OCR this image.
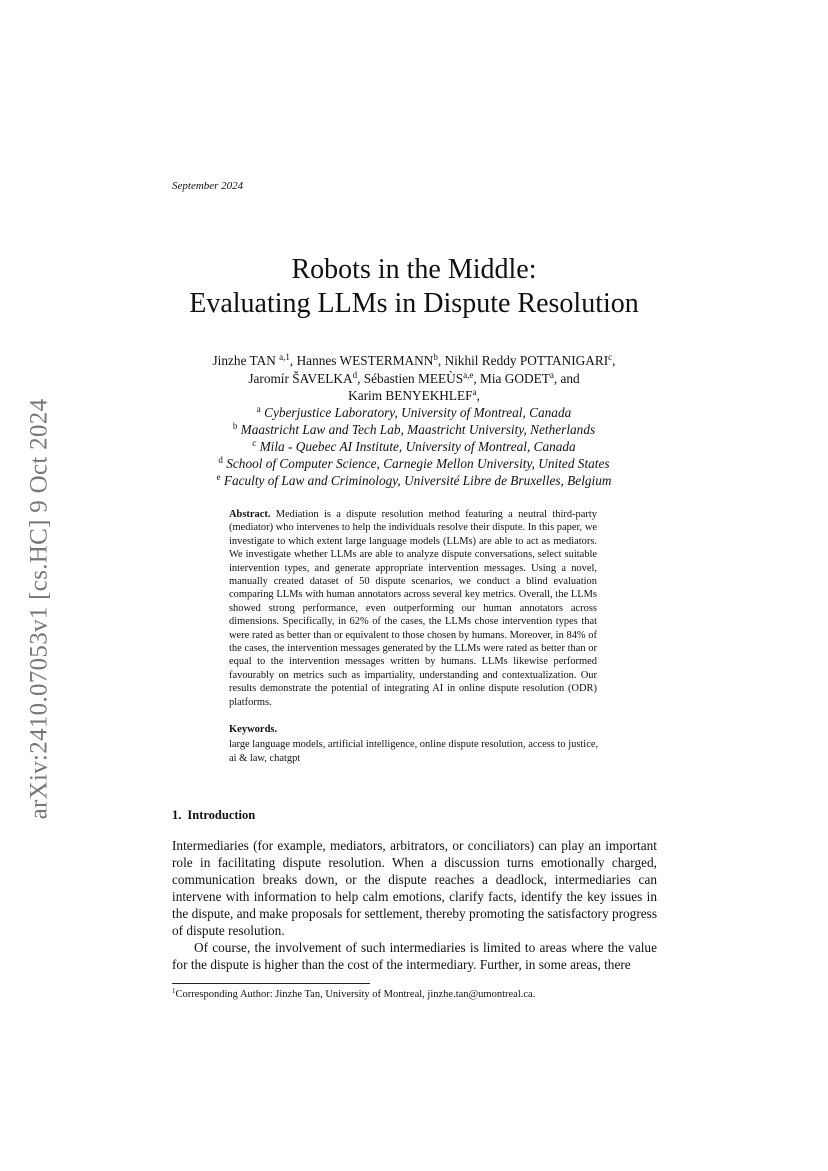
arXiv:2410.07053v1 [cs.HC] 9 Oct 2024
September 2024
Robots in the Middle:
Evaluating LLMs in Dispute Resolution
Jinzhe TAN $^{a,1}$, Hannes WESTERMANN$^b$, Nikhil Reddy POTTANIGARI$^c$,
Jaromír ŠAVELKA$^d$, Sébastien MEEÙS$^{a,e}$, Mia GODET$^a$, and
Karim BENYEKHLEF$^a$,
$^a$ Cyberjustice Laboratory, University of Montreal, Canada
$^b$ Maastricht Law and Tech Lab, Maastricht University, Netherlands
$^c$ Mila - Quebec AI Institute, University of Montreal, Canada
$^d$ School of Computer Science, Carnegie Mellon University, United States
$^e$ Faculty of Law and Criminology, Université Libre de Bruxelles, Belgium
Abstract. Mediation is a dispute resolution method featuring a neutral third-party (mediator) who intervenes to help the individuals resolve their dispute. In this paper, we investigate to which extent large language models (LLMs) are able to act as mediators. We investigate whether LLMs are able to analyze dispute conversations, select suitable intervention types, and generate appropriate intervention messages. Using a novel, manually created dataset of 50 dispute scenarios, we conduct a blind evaluation comparing LLMs with human annotators across several key metrics. Overall, the LLMs showed strong performance, even outperforming our human annotators across dimensions. Specifically, in 62% of the cases, the LLMs chose intervention types that were rated as better than or equivalent to those chosen by humans. Moreover, in 84% of the cases, the intervention messages generated by the LLMs were rated as better than or equal to the intervention messages written by humans. LLMs likewise performed favourably on metrics such as impartiality, understanding and contextualization. Our results demonstrate the potential of integrating AI in online dispute resolution (ODR) platforms.
Keywords.
large language models, artificial intelligence, online dispute resolution, access to justice, ai & law, chatgpt
1. Introduction

Intermediaries (for example, mediators, arbitrators, or conciliators) can play an important role in facilitating dispute resolution. When a discussion turns emotionally charged, communication breaks down, or the dispute reaches a deadlock, intermediaries can intervene with information to help calm emotions, clarify facts, identify the key issues in the dispute, and make proposals for settlement, thereby promoting the satisfactory progress of dispute resolution.

Of course, the involvement of such intermediaries is limited to areas where the value for the dispute is higher than the cost of the intermediary. Further, in some areas, there

$^1$Corresponding Author: Jinzhe Tan, University of Montreal, jinzhe.tan@umontreal.ca.
